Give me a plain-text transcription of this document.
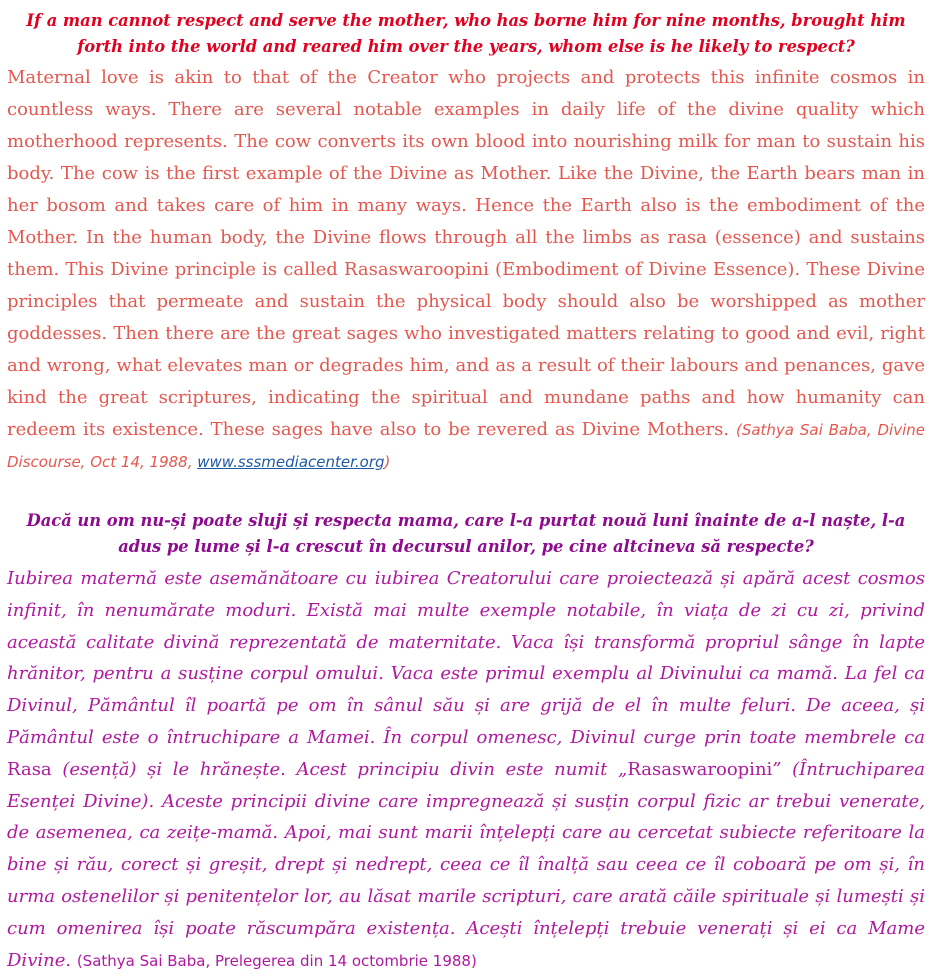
If a man cannot respect and serve the mother, who has borne him for nine months, brought him forth into the world and reared him over the years, whom else is he likely to respect?

Maternal love is akin to that of the Creator who projects and protects this infinite cosmos in countless ways. There are several notable examples in daily life of the divine quality which motherhood represents. The cow converts its own blood into nourishing milk for man to sustain his body. The cow is the first example of the Divine as Mother. Like the Divine, the Earth bears man in her bosom and takes care of him in many ways. Hence the Earth also is the embodiment of the Mother. In the human body, the Divine flows through all the limbs as rasa (essence) and sustains them. This Divine principle is called Rasaswaroopini (Embodiment of Divine Essence). These Divine principles that permeate and sustain the physical body should also be worshipped as mother goddesses. Then there are the great sages who investigated matters relating to good and evil, right and wrong, what elevates man or degrades him, and as a result of their labours and penances, gave kind the great scriptures, indicating the spiritual and mundane paths and how humanity can redeem its existence. These sages have also to be revered as Divine Mothers. (Sathya Sai Baba, Divine Discourse, Oct 14, 1988, www.sssmediacenter.org)

Dacă un om nu-și poate sluji și respecta mama, care l-a purtat nouă luni înainte de a-l naște, l-a adus pe lume și l-a crescut în decursul anilor, pe cine altcineva să respecte?

Iubirea maternă este asemănătoare cu iubirea Creatorului care proiectează și apără acest cosmos infinit, în nenumărate moduri. Există mai multe exemple notabile, în viața de zi cu zi, privind această calitate divină reprezentată de maternitate. Vaca își transformă propriul sânge în lapte hrănitor, pentru a susține corpul omului. Vaca este primul exemplu al Divinului ca mamă. La fel ca Divinul, Pământul îl poartă pe om în sânul său și are grijă de el în multe feluri. De aceea, și Pământul este o întruchipare a Mamei. În corpul omenesc, Divinul curge prin toate membrele ca Rasa (esență) și le hrănește. Acest principiu divin este numit „Rasaswaroopini” (Întruchiparea Esenței Divine). Aceste principii divine care impregnează și susțin corpul fizic ar trebui venerate, de asemenea, ca zeițe-mamă. Apoi, mai sunt marii înțelepți care au cercetat subiecte referitoare la bine și rău, corect și greșit, drept și nedrept, ceea ce îl înalță sau ceea ce îl coboară pe om și, în urma ostenelilor și penitențelor lor, au lăsat marile scripturi, care arată căile spirituale și lumești și cum omenirea își poate răscumpăra existența. Acești înțelepți trebuie venerați și ei ca Mame Divine. (Sathya Sai Baba, Prelegerea din 14 octombrie 1988)
